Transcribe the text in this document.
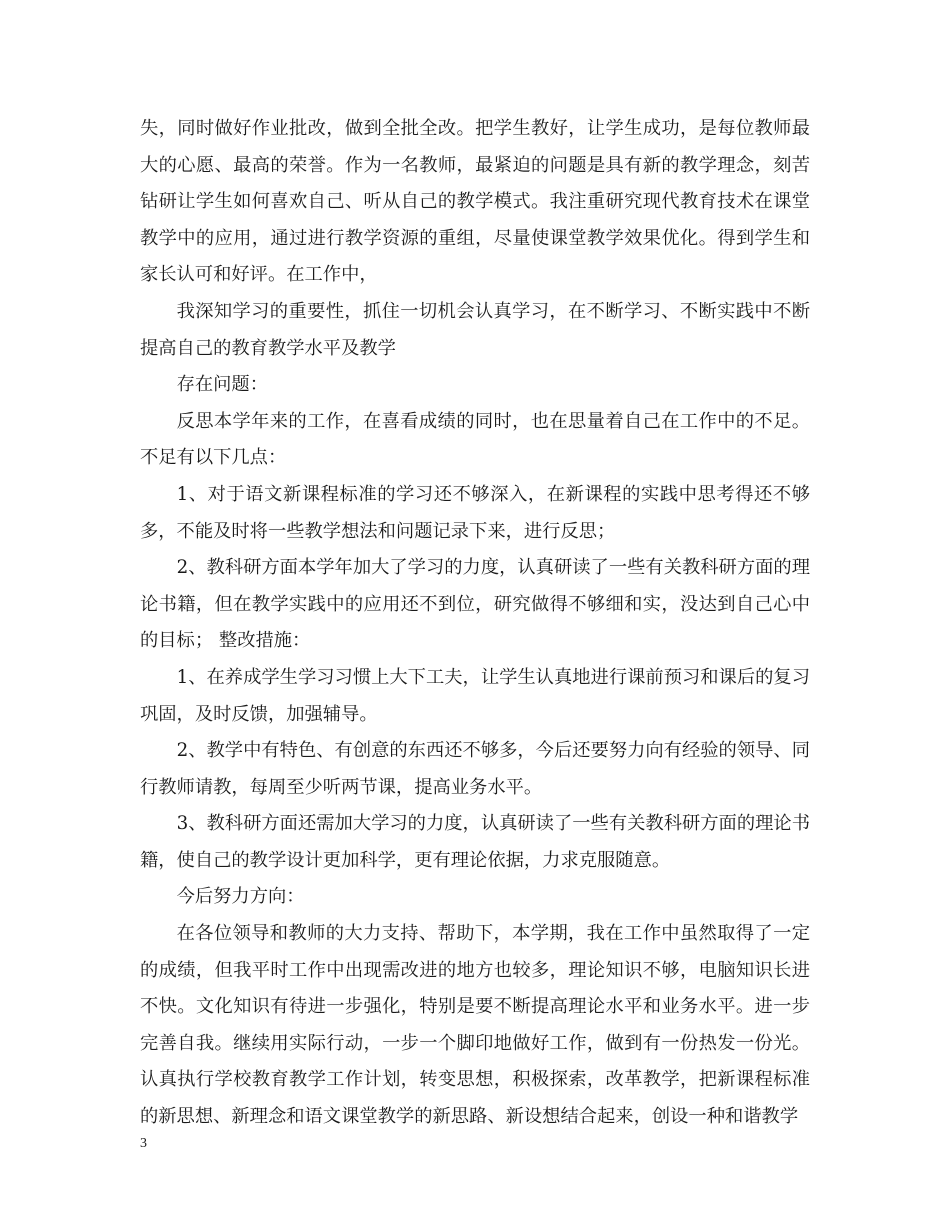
失，同时做好作业批改，做到全批全改。把学生教好，让学生成功，是每位教师最大的心愿、最高的荣誉。作为一名教师，最紧迫的问题是具有新的教学理念，刻苦钻研让学生如何喜欢自己、听从自己的教学模式。我注重研究现代教育技术在课堂教学中的应用，通过进行教学资源的重组，尽量使课堂教学效果优化。得到学生和家长认可和好评。在工作中，

我深知学习的重要性，抓住一切机会认真学习，在不断学习、不断实践中不断提高自己的教育教学水平及教学

存在问题：

反思本学年来的工作，在喜看成绩的同时，也在思量着自己在工作中的不足。不足有以下几点：

1、对于语文新课程标准的学习还不够深入，在新课程的实践中思考得还不够多，不能及时将一些教学想法和问题记录下来，进行反思；

2、教科研方面本学年加大了学习的力度，认真研读了一些有关教科研方面的理论书籍，但在教学实践中的应用还不到位，研究做得不够细和实，没达到自己心中的目标； 整改措施：

1、在养成学生学习习惯上大下工夫，让学生认真地进行课前预习和课后的复习巩固，及时反馈，加强辅导。

2、教学中有特色、有创意的东西还不够多，今后还要努力向有经验的领导、同行教师请教，每周至少听两节课，提高业务水平。

3、教科研方面还需加大学习的力度，认真研读了一些有关教科研方面的理论书籍，使自己的教学设计更加科学，更有理论依据，力求克服随意。

今后努力方向：

在各位领导和教师的大力支持、帮助下，本学期，我在工作中虽然取得了一定的成绩，但我平时工作中出现需改进的地方也较多，理论知识不够，电脑知识长进不快。文化知识有待进一步强化，特别是要不断提高理论水平和业务水平。进一步完善自我。继续用实际行动，一步一个脚印地做好工作，做到有一份热发一份光。认真执行学校教育教学工作计划，转变思想，积极探索，改革教学，把新课程标准的新思想、新理念和语文课堂教学的新思路、新设想结合起来，创设一种和谐教学

3
